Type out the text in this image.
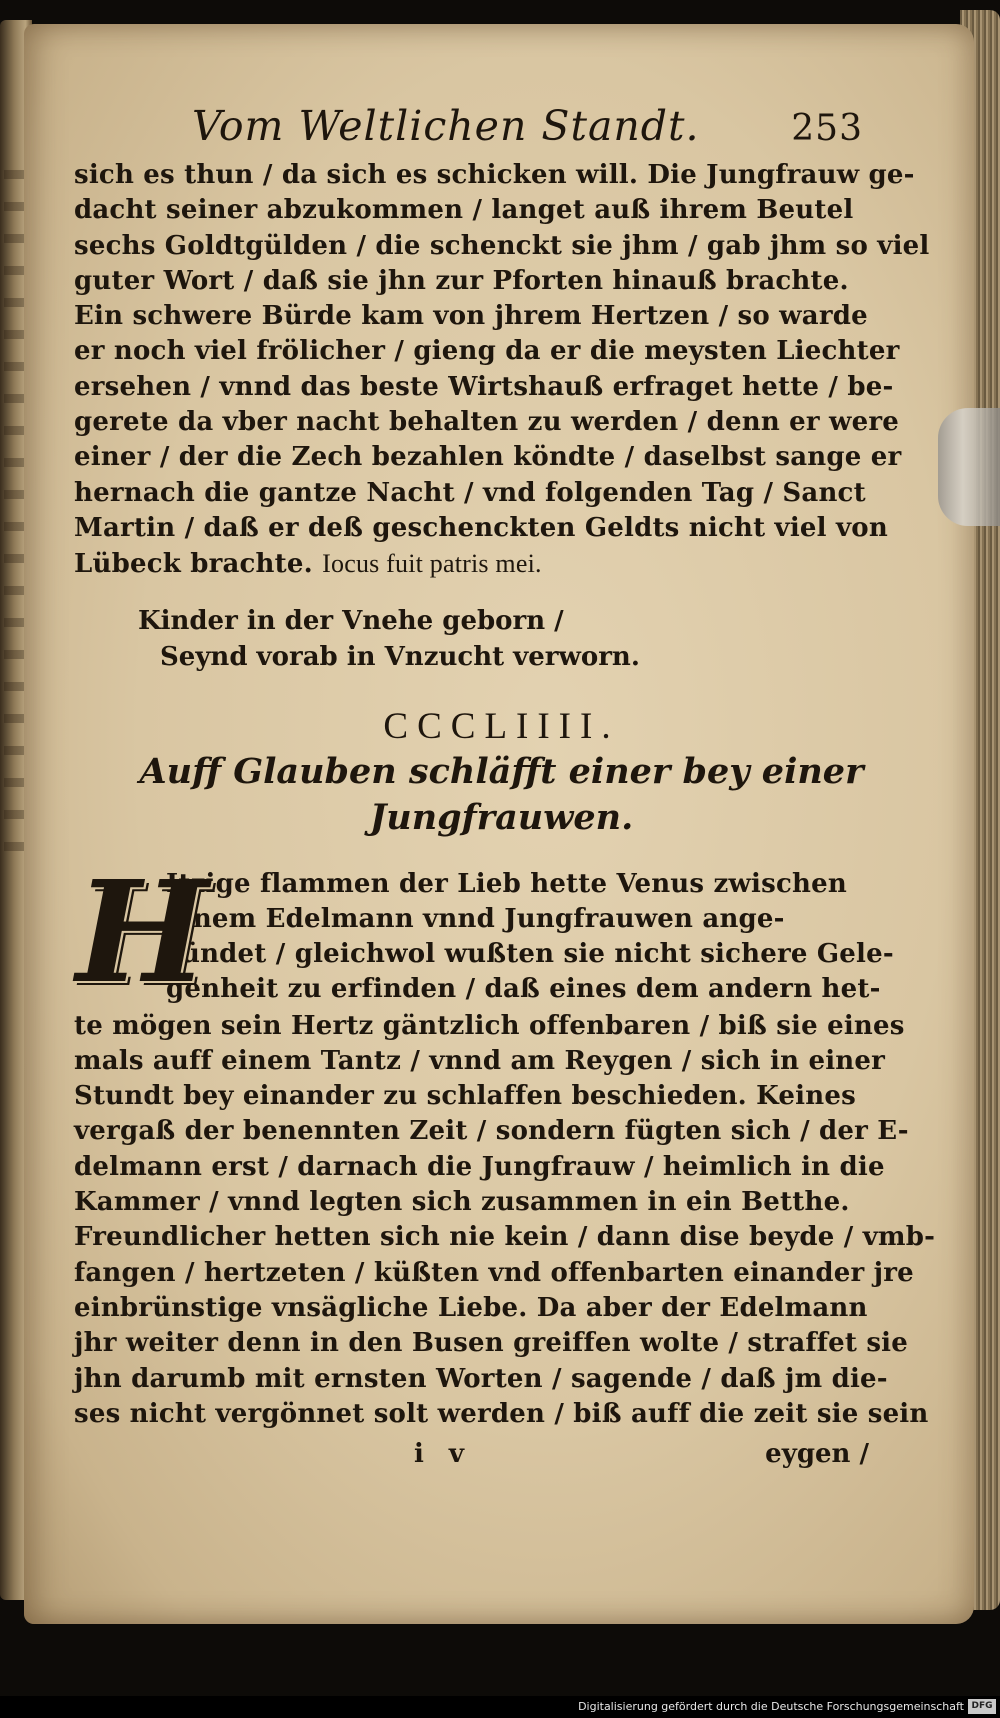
Vom Weltlichen Standt.	253
sich es thun / da sich es schicken will. Die Jungfrauw ge-
dacht seiner abzukommen / langet auß ihrem Beutel
sechs Goldtgülden / die schenckt sie jhm / gab jhm so viel
guter Wort / daß sie jhn zur Pforten hinauß brachte.
Ein schwere Bürde kam von jhrem Hertzen / so warde
er noch viel frölicher / gieng da er die meysten Liechter
ersehen / vnnd das beste Wirtshauß erfraget hette / be-
gerete da vber nacht behalten zu werden / denn er were
einer / der die Zech bezahlen köndte / daselbst sange er
hernach die gantze Nacht / vnd folgenden Tag / Sanct
Martin / daß er deß geschenckten Geldts nicht viel von
Lübeck brachte. Iocus fuit patris mei.
Kinder in der Vnehe geborn /
Seynd vorab in Vnzucht verworn.
CCCLIIII.
Auff Glauben schläfft einer bey einer
Jungfrauwen.
H
Itzige flammen der Lieb hette Venus zwischen
einem Edelmann vnnd Jungfrauwen ange-
zündet / gleichwol wußten sie nicht sichere Gele-
genheit zu erfinden / daß eines dem andern het-
te mögen sein Hertz gäntzlich offenbaren / biß sie eines
mals auff einem Tantz / vnnd am Reygen / sich in einer
Stundt bey einander zu schlaffen beschieden. Keines
vergaß der benennten Zeit / sondern fügten sich / der E-
delmann erst / darnach die Jungfrauw / heimlich in die
Kammer / vnnd legten sich zusammen in ein Betthe.
Freundlicher hetten sich nie kein / dann dise beyde / vmb-
fangen / hertzeten / küßten vnd offenbarten einander jre
einbrünstige vnsägliche Liebe. Da aber der Edelmann
jhr weiter denn in den Busen greiffen wolte / straffet sie
jhn darumb mit ernsten Worten / sagende / daß jm die-
ses nicht vergönnet solt werden / biß auff die zeit sie sein
i v	eygen /
Digitalisierung gefördert durch die Deutsche Forschungsgemeinschaft DFG
